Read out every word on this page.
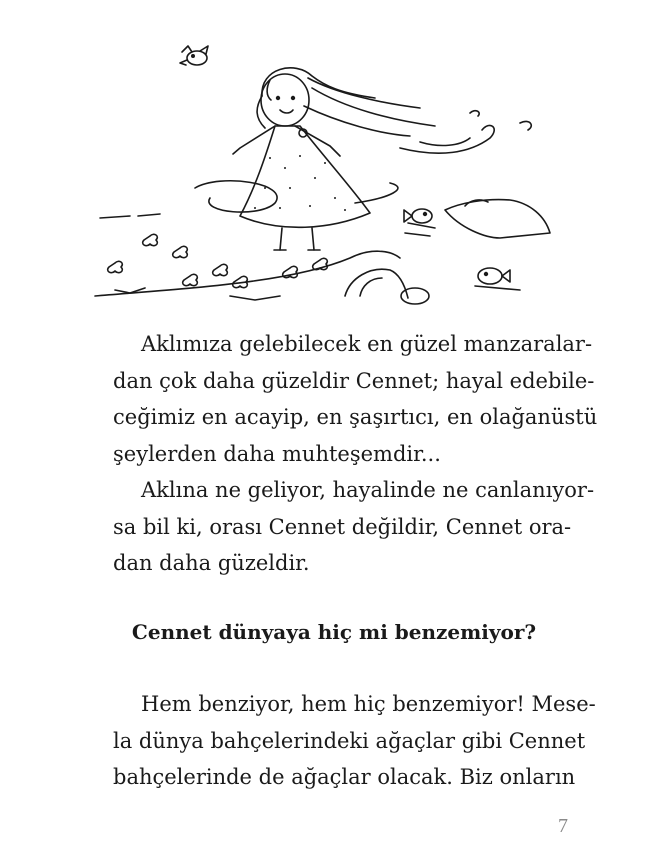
Aklımıza gelebilecek en güzel manzaralar-
dan çok daha güzeldir Cennet; hayal edebile-
ceğimiz en acayip, en şaşırtıcı, en olağanüstü
şeylerden daha muhteşemdir...
Aklına ne geliyor, hayalinde ne canlanıyor-
sa bil ki, orası Cennet değildir, Cennet ora-
dan daha güzeldir.
Cennet dünyaya hiç mi benzemiyor?
Hem benziyor, hem hiç benzemiyor! Mese-
la dünya bahçelerindeki ağaçlar gibi Cennet
bahçelerinde de ağaçlar olacak. Biz onların
7
